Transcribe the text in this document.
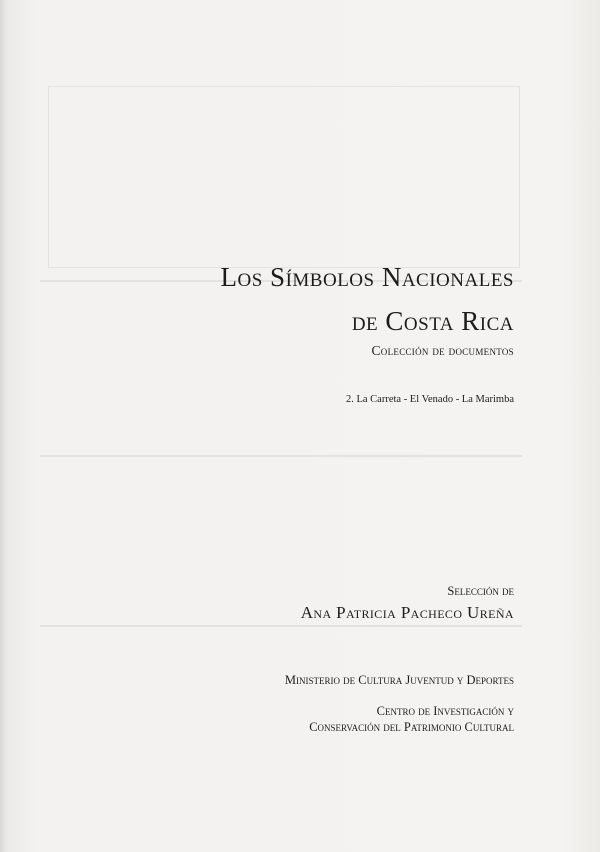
Los Símbolos Nacionales
de Costa Rica
Colección de documentos
2. La Carreta - El Venado - La Marimba
Selección de
Ana Patricia Pacheco Ureña
Ministerio de Cultura Juventud y Deportes
Centro de Investigación y
Conservación del Patrimonio Cultural
